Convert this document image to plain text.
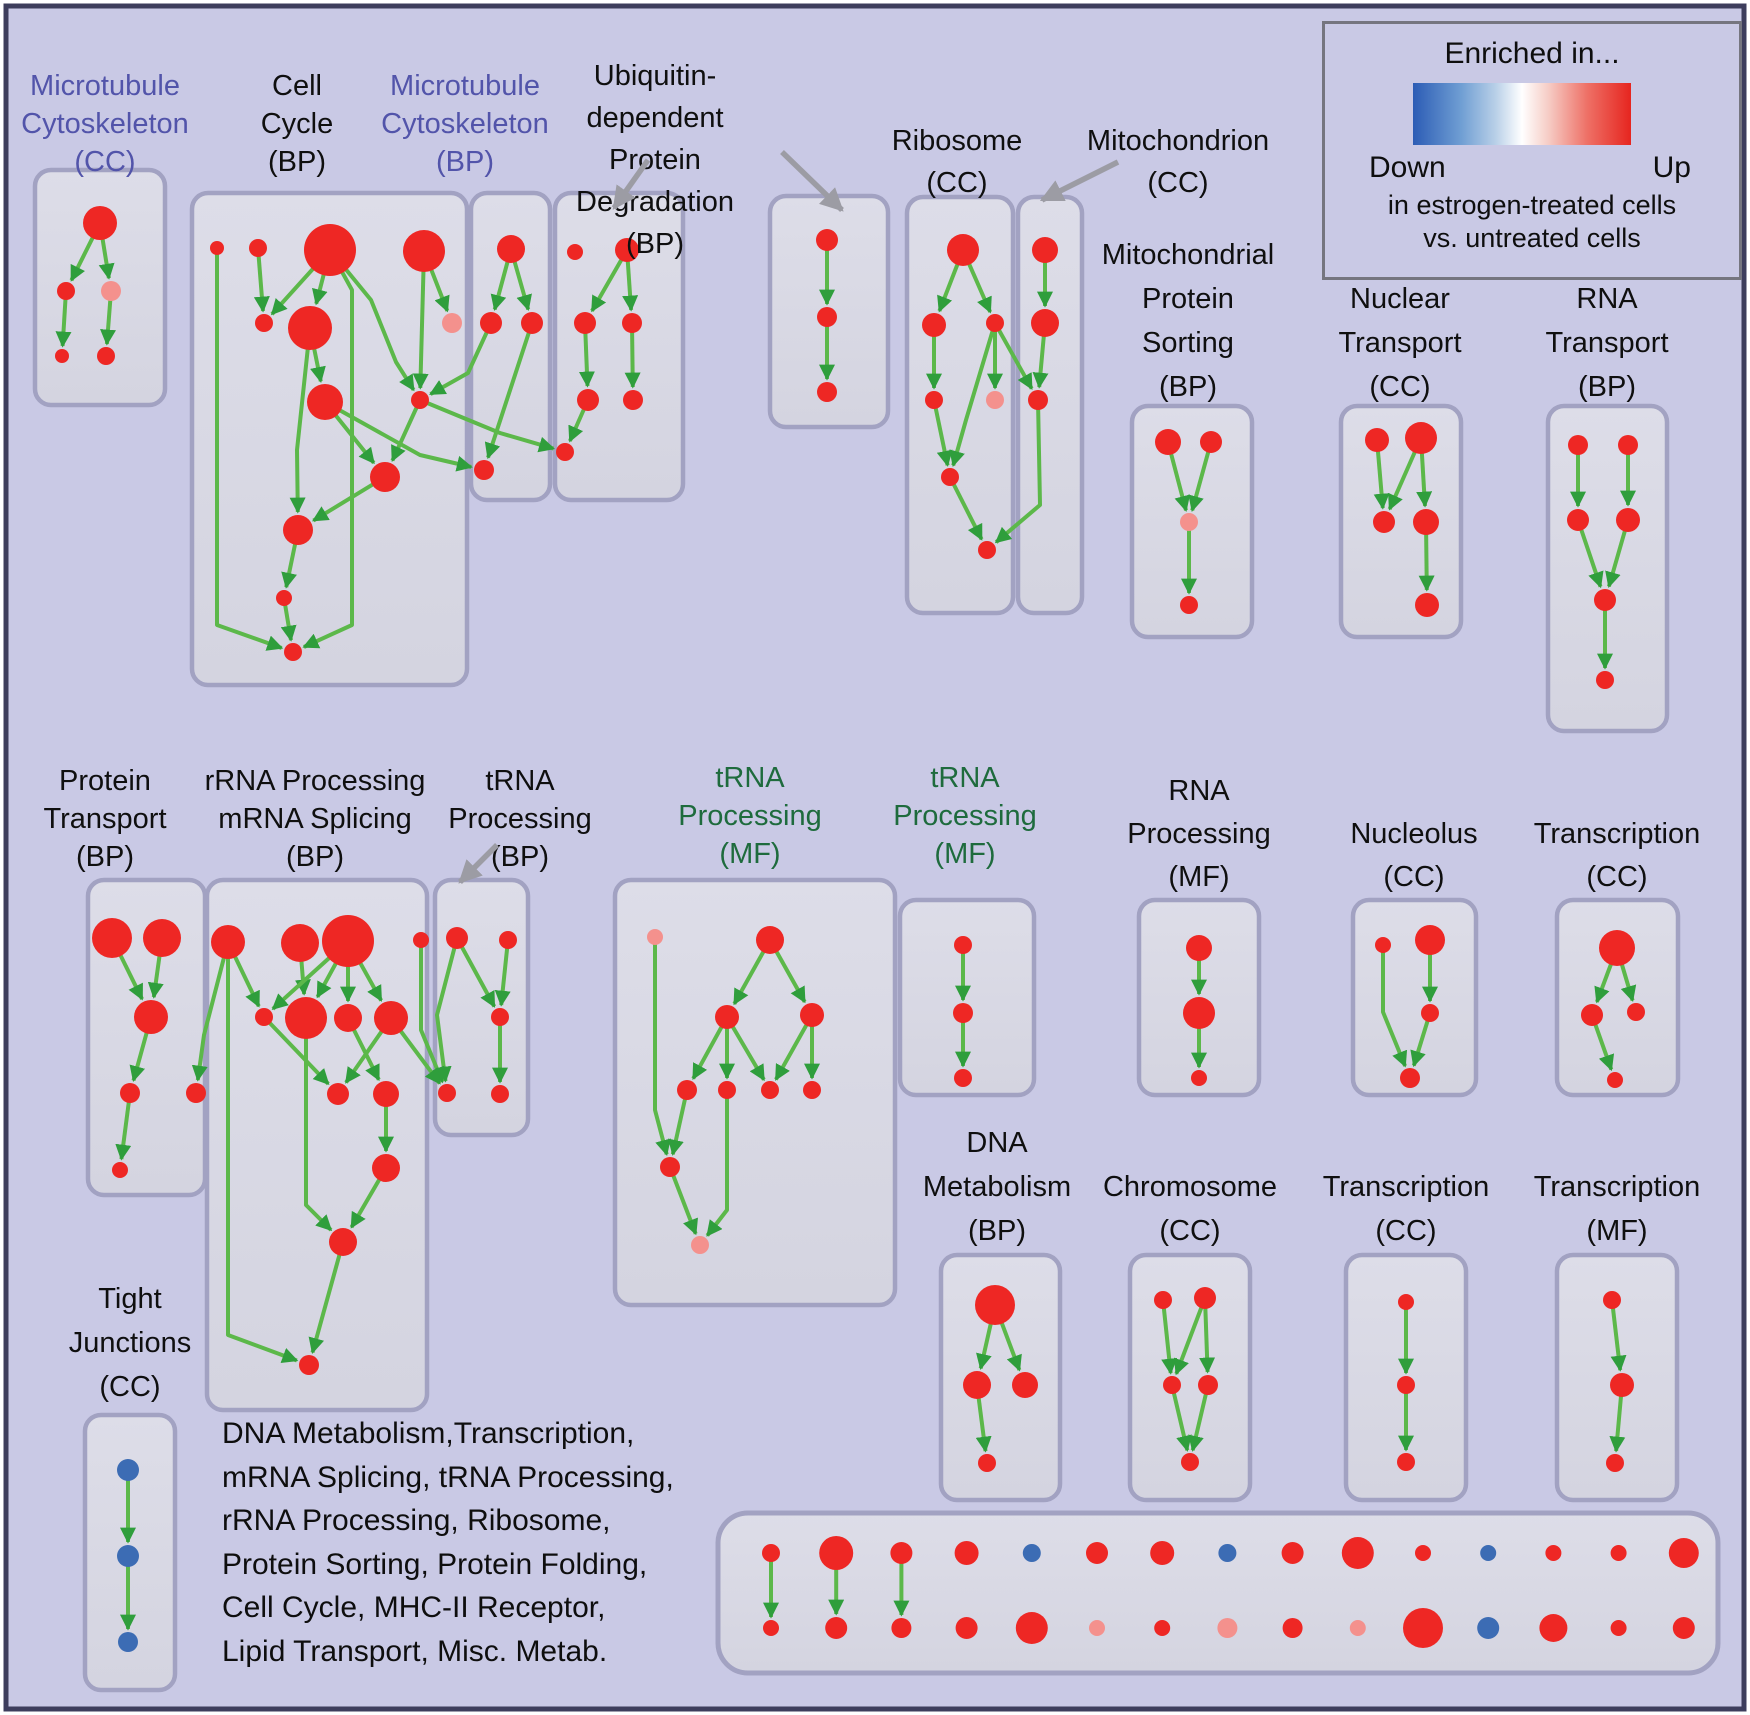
Microtubule
Cytoskeleton
(CC)
Cell
Cycle
(BP)
Microtubule
Cytoskeleton
(BP)
Ubiquitin-
dependent
Protein
Degradation
(BP)
Ribosome
(CC)
Mitochondrion
(CC)
Mitochondrial
Protein
Sorting
(BP)
Nuclear
Transport
(CC)
RNA
Transport
(BP)
Protein
Transport
(BP)
rRNA Processing
mRNA Splicing
(BP)
tRNA
Processing
(BP)
tRNA
Processing
(MF)
tRNA
Processing
(MF)
RNA
Processing
(MF)
Nucleolus
(CC)
Transcription
(CC)
DNA
Metabolism
(BP)
Chromosome
(CC)
Transcription
(CC)
Transcription
(MF)
Tight
Junctions
(CC)
Enriched in...
Down	Up
in estrogen-treated cells
vs. untreated cells
DNA Metabolism,Transcription,
mRNA Splicing, tRNA Processing,
rRNA Processing, Ribosome,
Protein Sorting, Protein Folding,
Cell Cycle, MHC-II Receptor,
Lipid Transport, Misc. Metab.
